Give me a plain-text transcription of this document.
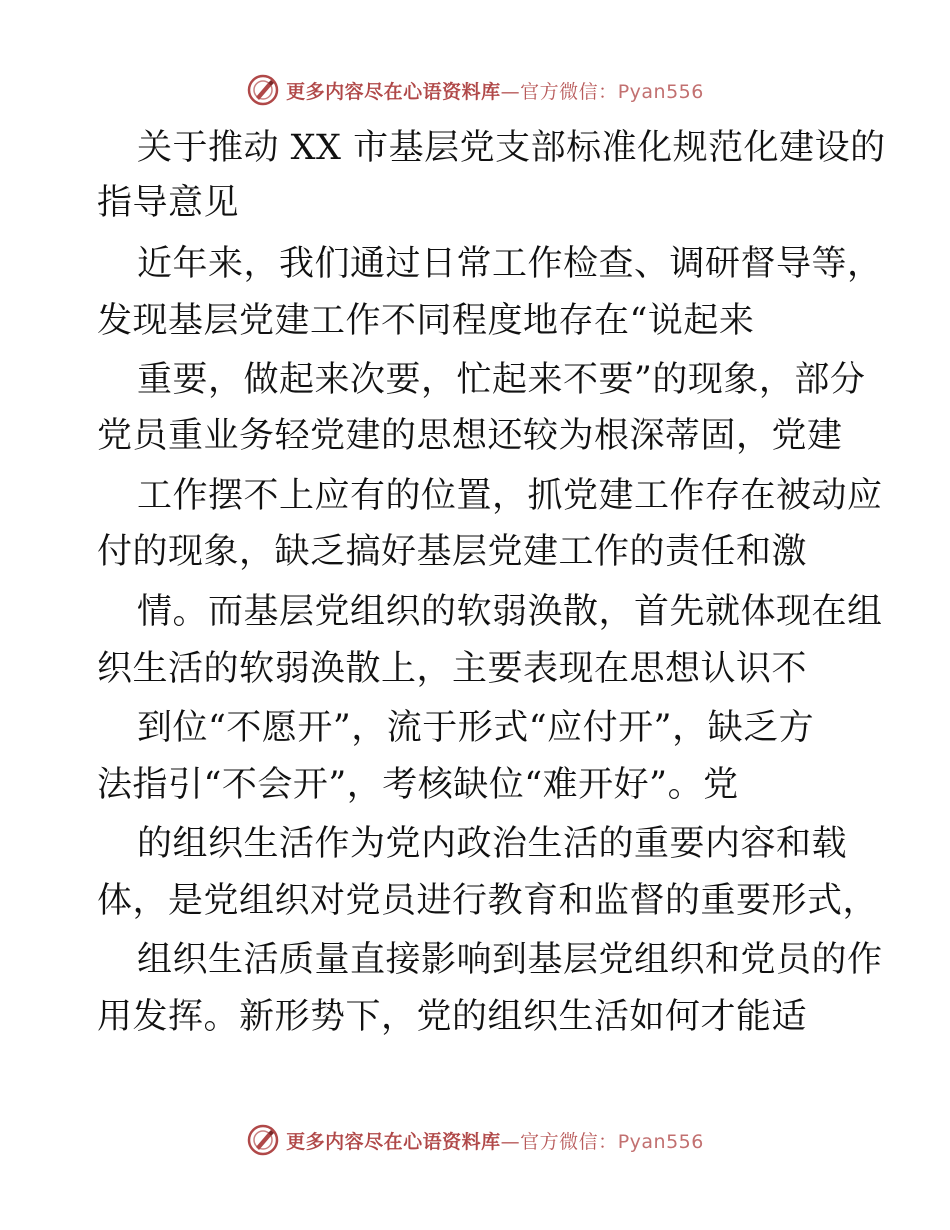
更多内容尽在心语资料库—官方微信：Pyan556
关于推动 XX 市基层党支部标准化规范化建设的
指导意见
近年来，我们通过日常工作检查、调研督导等，
发现基层党建工作不同程度地存在“说起来
重要，做起来次要，忙起来不要”的现象，部分
党员重业务轻党建的思想还较为根深蒂固，党建
工作摆不上应有的位置，抓党建工作存在被动应
付的现象，缺乏搞好基层党建工作的责任和激
情。而基层党组织的软弱涣散，首先就体现在组
织生活的软弱涣散上，主要表现在思想认识不
到位“不愿开”，流于形式“应付开”，缺乏方
法指引“不会开”，考核缺位“难开好”。党
的组织生活作为党内政治生活的重要内容和载
体，是党组织对党员进行教育和监督的重要形式，
组织生活质量直接影响到基层党组织和党员的作
用发挥。新形势下，党的组织生活如何才能适
更多内容尽在心语资料库—官方微信：Pyan556
